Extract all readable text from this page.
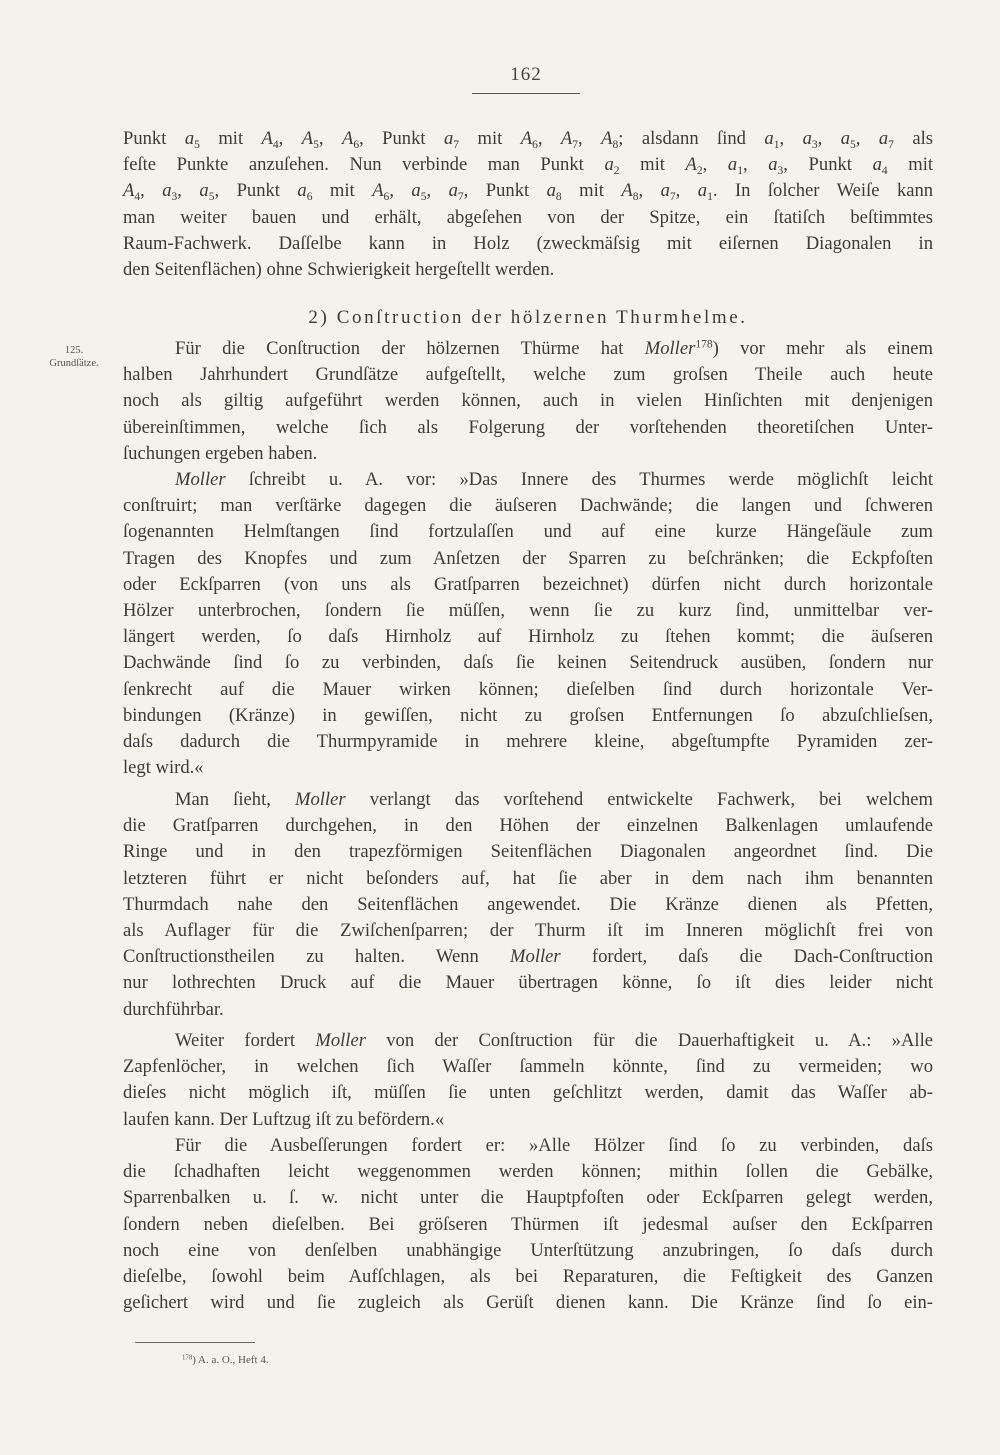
162
Punkt $a_5$ mit $A_4$, $A_5$, $A_6$, Punkt $a_7$ mit $A_6$, $A_7$, $A_8$; alsdann ſind $a_1$, $a_3$, $a_5$, $a_7$ als
feſte Punkte anzuſehen. Nun verbinde man Punkt $a_2$ mit $A_2$, $a_1$, $a_3$, Punkt $a_4$ mit
$A_4$, $a_3$, $a_5$, Punkt $a_6$ mit $A_6$, $a_5$, $a_7$, Punkt $a_8$ mit $A_8$, $a_7$, $a_1$. In ſolcher Weiſe kann
man weiter bauen und erhält, abgeſehen von der Spitze, ein ſtatiſch beſtimmtes
Raum-Fachwerk. Daſſelbe kann in Holz (zweckmäſsig mit eiſernen Diagonalen in
den Seitenflächen) ohne Schwierigkeit hergeſtellt werden.
2) Conſtruction der hölzernen Thurmhelme.
125.
Grundſätze.
Für die Conſtruction der hölzernen Thürme hat Moller$^{178}$) vor mehr als einem
halben Jahrhundert Grundſätze aufgeſtellt, welche zum groſsen Theile auch heute
noch als giltig aufgeführt werden können, auch in vielen Hinſichten mit denjenigen
übereinſtimmen, welche ſich als Folgerung der vorſtehenden theoretiſchen Unter-
ſuchungen ergeben haben.
Moller ſchreibt u. A. vor: »Das Innere des Thurmes werde möglichſt leicht
conſtruirt; man verſtärke dagegen die äuſseren Dachwände; die langen und ſchweren
ſogenannten Helmſtangen ſind fortzulaſſen und auf eine kurze Hängeſäule zum
Tragen des Knopfes und zum Anſetzen der Sparren zu beſchränken; die Eckpfoſten
oder Eckſparren (von uns als Gratſparren bezeichnet) dürfen nicht durch horizontale
Hölzer unterbrochen, ſondern ſie müſſen, wenn ſie zu kurz ſind, unmittelbar ver-
längert werden, ſo daſs Hirnholz auf Hirnholz zu ſtehen kommt; die äuſseren
Dachwände ſind ſo zu verbinden, daſs ſie keinen Seitendruck ausüben, ſondern nur
ſenkrecht auf die Mauer wirken können; dieſelben ſind durch horizontale Ver-
bindungen (Kränze) in gewiſſen, nicht zu groſsen Entfernungen ſo abzuſchlieſsen,
daſs dadurch die Thurmpyramide in mehrere kleine, abgeſtumpfte Pyramiden zer-
legt wird.«
Man ſieht, Moller verlangt das vorſtehend entwickelte Fachwerk, bei welchem
die Gratſparren durchgehen, in den Höhen der einzelnen Balkenlagen umlaufende
Ringe und in den trapezförmigen Seitenflächen Diagonalen angeordnet ſind. Die
letzteren führt er nicht beſonders auf, hat ſie aber in dem nach ihm benannten
Thurmdach nahe den Seitenflächen angewendet. Die Kränze dienen als Pfetten,
als Auflager für die Zwiſchenſparren; der Thurm iſt im Inneren möglichſt frei von
Conſtructionstheilen zu halten. Wenn Moller fordert, daſs die Dach-Conſtruction
nur lothrechten Druck auf die Mauer übertragen könne, ſo iſt dies leider nicht
durchführbar.
Weiter fordert Moller von der Conſtruction für die Dauerhaftigkeit u. A.: »Alle
Zapfenlöcher, in welchen ſich Waſſer ſammeln könnte, ſind zu vermeiden; wo
dieſes nicht möglich iſt, müſſen ſie unten geſchlitzt werden, damit das Waſſer ab-
laufen kann. Der Luftzug iſt zu befördern.«
Für die Ausbeſſerungen fordert er: »Alle Hölzer ſind ſo zu verbinden, daſs
die ſchadhaften leicht weggenommen werden können; mithin ſollen die Gebälke,
Sparrenbalken u. ſ. w. nicht unter die Hauptpfoſten oder Eckſparren gelegt werden,
ſondern neben dieſelben. Bei gröſseren Thürmen iſt jedesmal auſser den Eckſparren
noch eine von denſelben unabhängige Unterſtützung anzubringen, ſo daſs durch
dieſelbe, ſowohl beim Aufſchlagen, als bei Reparaturen, die Feſtigkeit des Ganzen
geſichert wird und ſie zugleich als Gerüſt dienen kann. Die Kränze ſind ſo ein-
$^{178}$) A. a. O., Heft 4.
